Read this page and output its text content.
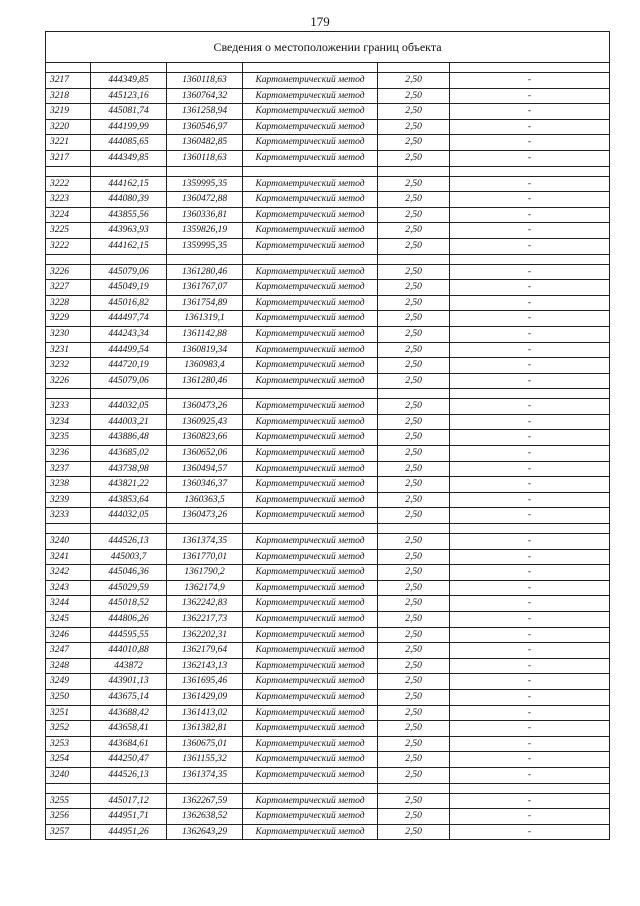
179
Сведения о местоположении границ объекта					

3217	444349,85	1360118,63	Картометрический метод	2,50	-
3218	445123,16	1360764,32	Картометрический метод	2,50	-
3219	445081,74	1361258,94	Картометрический метод	2,50	-
3220	444199,99	1360546,97	Картометрический метод	2,50	-
3221	444085,65	1360482,85	Картометрический метод	2,50	-
3217	444349,85	1360118,63	Картометрический метод	2,50	-

3222	444162,15	1359995,35	Картометрический метод	2,50	-
3223	444080,39	1360472,88	Картометрический метод	2,50	-
3224	443855,56	1360336,81	Картометрический метод	2,50	-
3225	443963,93	1359826,19	Картометрический метод	2,50	-
3222	444162,15	1359995,35	Картометрический метод	2,50	-

3226	445079,06	1361280,46	Картометрический метод	2,50	-
3227	445049,19	1361767,07	Картометрический метод	2,50	-
3228	445016,82	1361754,89	Картометрический метод	2,50	-
3229	444497,74	1361319,1	Картометрический метод	2,50	-
3230	444243,34	1361142,88	Картометрический метод	2,50	-
3231	444499,54	1360819,34	Картометрический метод	2,50	-
3232	444720,19	1360983,4	Картометрический метод	2,50	-
3226	445079,06	1361280,46	Картометрический метод	2,50	-

3233	444032,05	1360473,26	Картометрический метод	2,50	-
3234	444003,21	1360925,43	Картометрический метод	2,50	-
3235	443886,48	1360823,66	Картометрический метод	2,50	-
3236	443685,02	1360652,06	Картометрический метод	2,50	-
3237	443738,98	1360494,57	Картометрический метод	2,50	-
3238	443821,22	1360346,37	Картометрический метод	2,50	-
3239	443853,64	1360363,5	Картометрический метод	2,50	-
3233	444032,05	1360473,26	Картометрический метод	2,50	-

3240	444526,13	1361374,35	Картометрический метод	2,50	-
3241	445003,7	1361770,01	Картометрический метод	2,50	-
3242	445046,36	1361790,2	Картометрический метод	2,50	-
3243	445029,59	1362174,9	Картометрический метод	2,50	-
3244	445018,52	1362242,83	Картометрический метод	2,50	-
3245	444806,26	1362217,73	Картометрический метод	2,50	-
3246	444595,55	1362202,31	Картометрический метод	2,50	-
3247	444010,88	1362179,64	Картометрический метод	2,50	-
3248	443872	1362143,13	Картометрический метод	2,50	-
3249	443901,13	1361695,46	Картометрический метод	2,50	-
3250	443675,14	1361429,09	Картометрический метод	2,50	-
3251	443688,42	1361413,02	Картометрический метод	2,50	-
3252	443658,41	1361382,81	Картометрический метод	2,50	-
3253	443684,61	1360675,01	Картометрический метод	2,50	-
3254	444250,47	1361155,32	Картометрический метод	2,50	-
3240	444526,13	1361374,35	Картометрический метод	2,50	-

3255	445017,12	1362267,59	Картометрический метод	2,50	-
3256	444951,71	1362638,52	Картометрический метод	2,50	-
3257	444951,26	1362643,29	Картометрический метод	2,50	-
